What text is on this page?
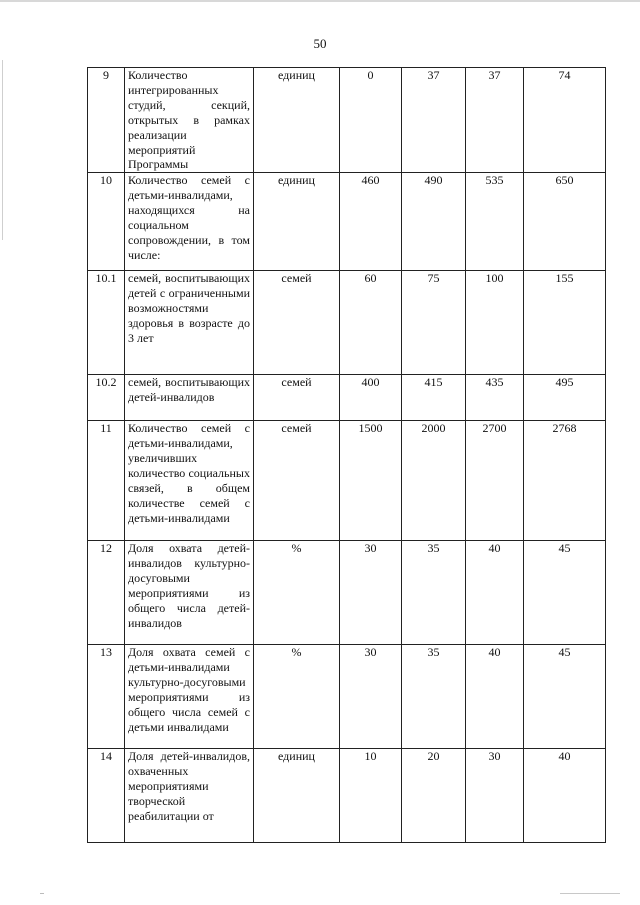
50
9	Количество интегрированных студий, секций, открытых в рамках реализации мероприятий Программы	единиц	0	37	37	74
10	Количество семей с детьми-инвалидами, находящихся на социальном сопровождении, в том числе:	единиц	460	490	535	650
10.1	семей, воспитывающих детей с ограниченными возможностями здоровья в возрасте до 3 лет	семей	60	75	100	155
10.2	семей, воспитывающих детей-инвалидов	семей	400	415	435	495
11	Количество семей с детьми-инвалидами, увеличивших количество социальных связей, в общем количестве семей с детьми-инвалидами	семей	1500	2000	2700	2768
12	Доля охвата детей-инвалидов культурно-досуговыми мероприятиями из общего числа детей-инвалидов	%	30	35	40	45
13	Доля охвата семей с детьми-инвалидами культурно-досуговыми мероприятиями из общего числа семей с детьми инвалидами	%	30	35	40	45
14	Доля детей-инвалидов, охваченных мероприятиями творческой реабилитации от	единиц	10	20	30	40
